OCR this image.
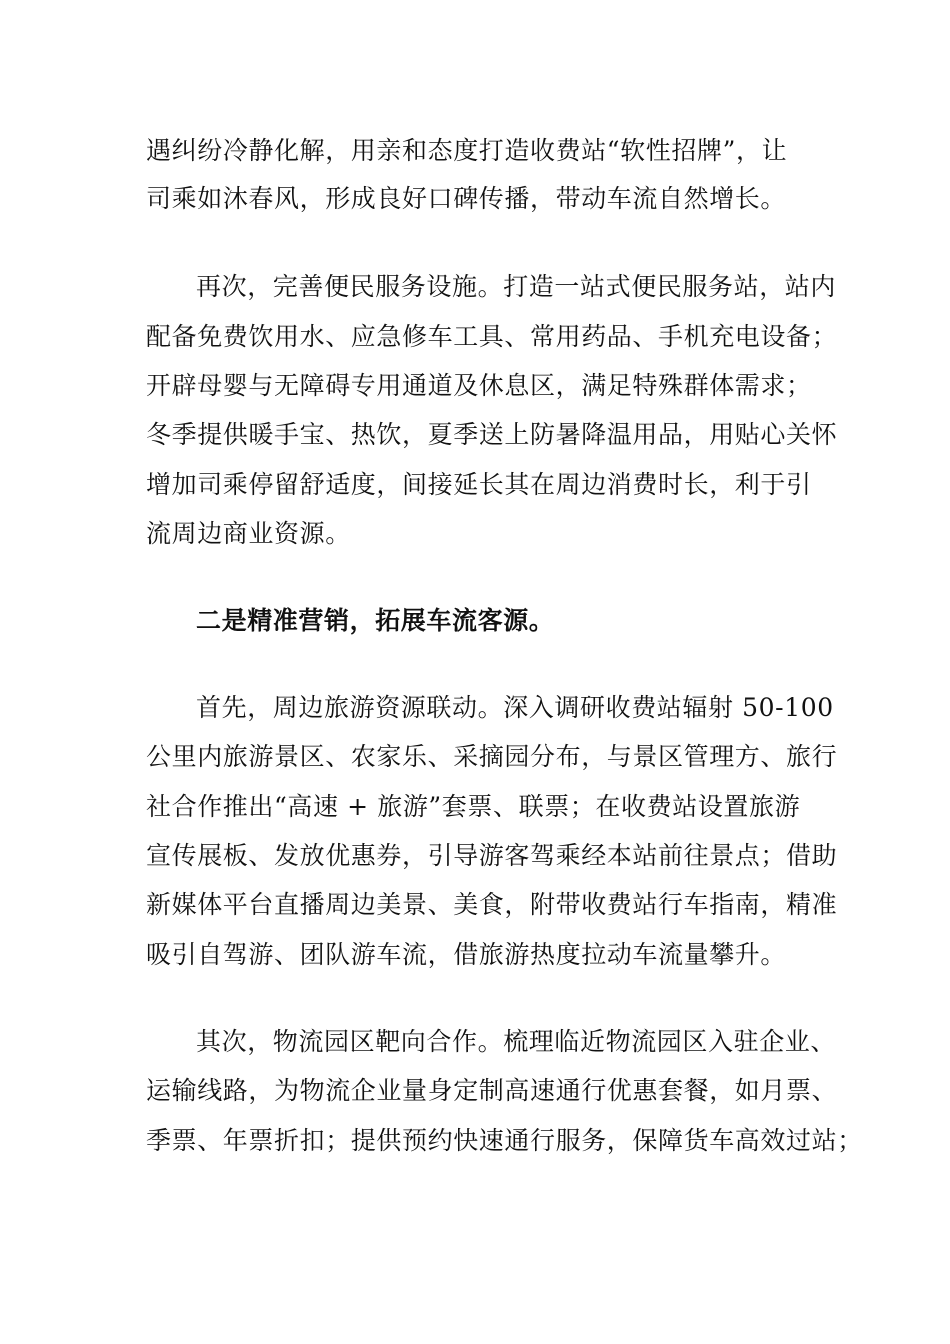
遇纠纷冷静化解，用亲和态度打造收费站“软性招牌”，让
司乘如沐春风，形成良好口碑传播，带动车流自然增长。
再次，完善便民服务设施。打造一站式便民服务站，站内
配备免费饮用水、应急修车工具、常用药品、手机充电设备；
开辟母婴与无障碍专用通道及休息区，满足特殊群体需求；
冬季提供暖手宝、热饮，夏季送上防暑降温用品，用贴心关怀
增加司乘停留舒适度，间接延长其在周边消费时长，利于引
流周边商业资源。
二是精准营销，拓展车流客源。
首先，周边旅游资源联动。深入调研收费站辐射 50-100
公里内旅游景区、农家乐、采摘园分布，与景区管理方、旅行
社合作推出“高速 + 旅游”套票、联票；在收费站设置旅游
宣传展板、发放优惠券，引导游客驾乘经本站前往景点；借助
新媒体平台直播周边美景、美食，附带收费站行车指南，精准
吸引自驾游、团队游车流，借旅游热度拉动车流量攀升。
其次，物流园区靶向合作。梳理临近物流园区入驻企业、
运输线路，为物流企业量身定制高速通行优惠套餐，如月票、
季票、年票折扣；提供预约快速通行服务，保障货车高效过站；
